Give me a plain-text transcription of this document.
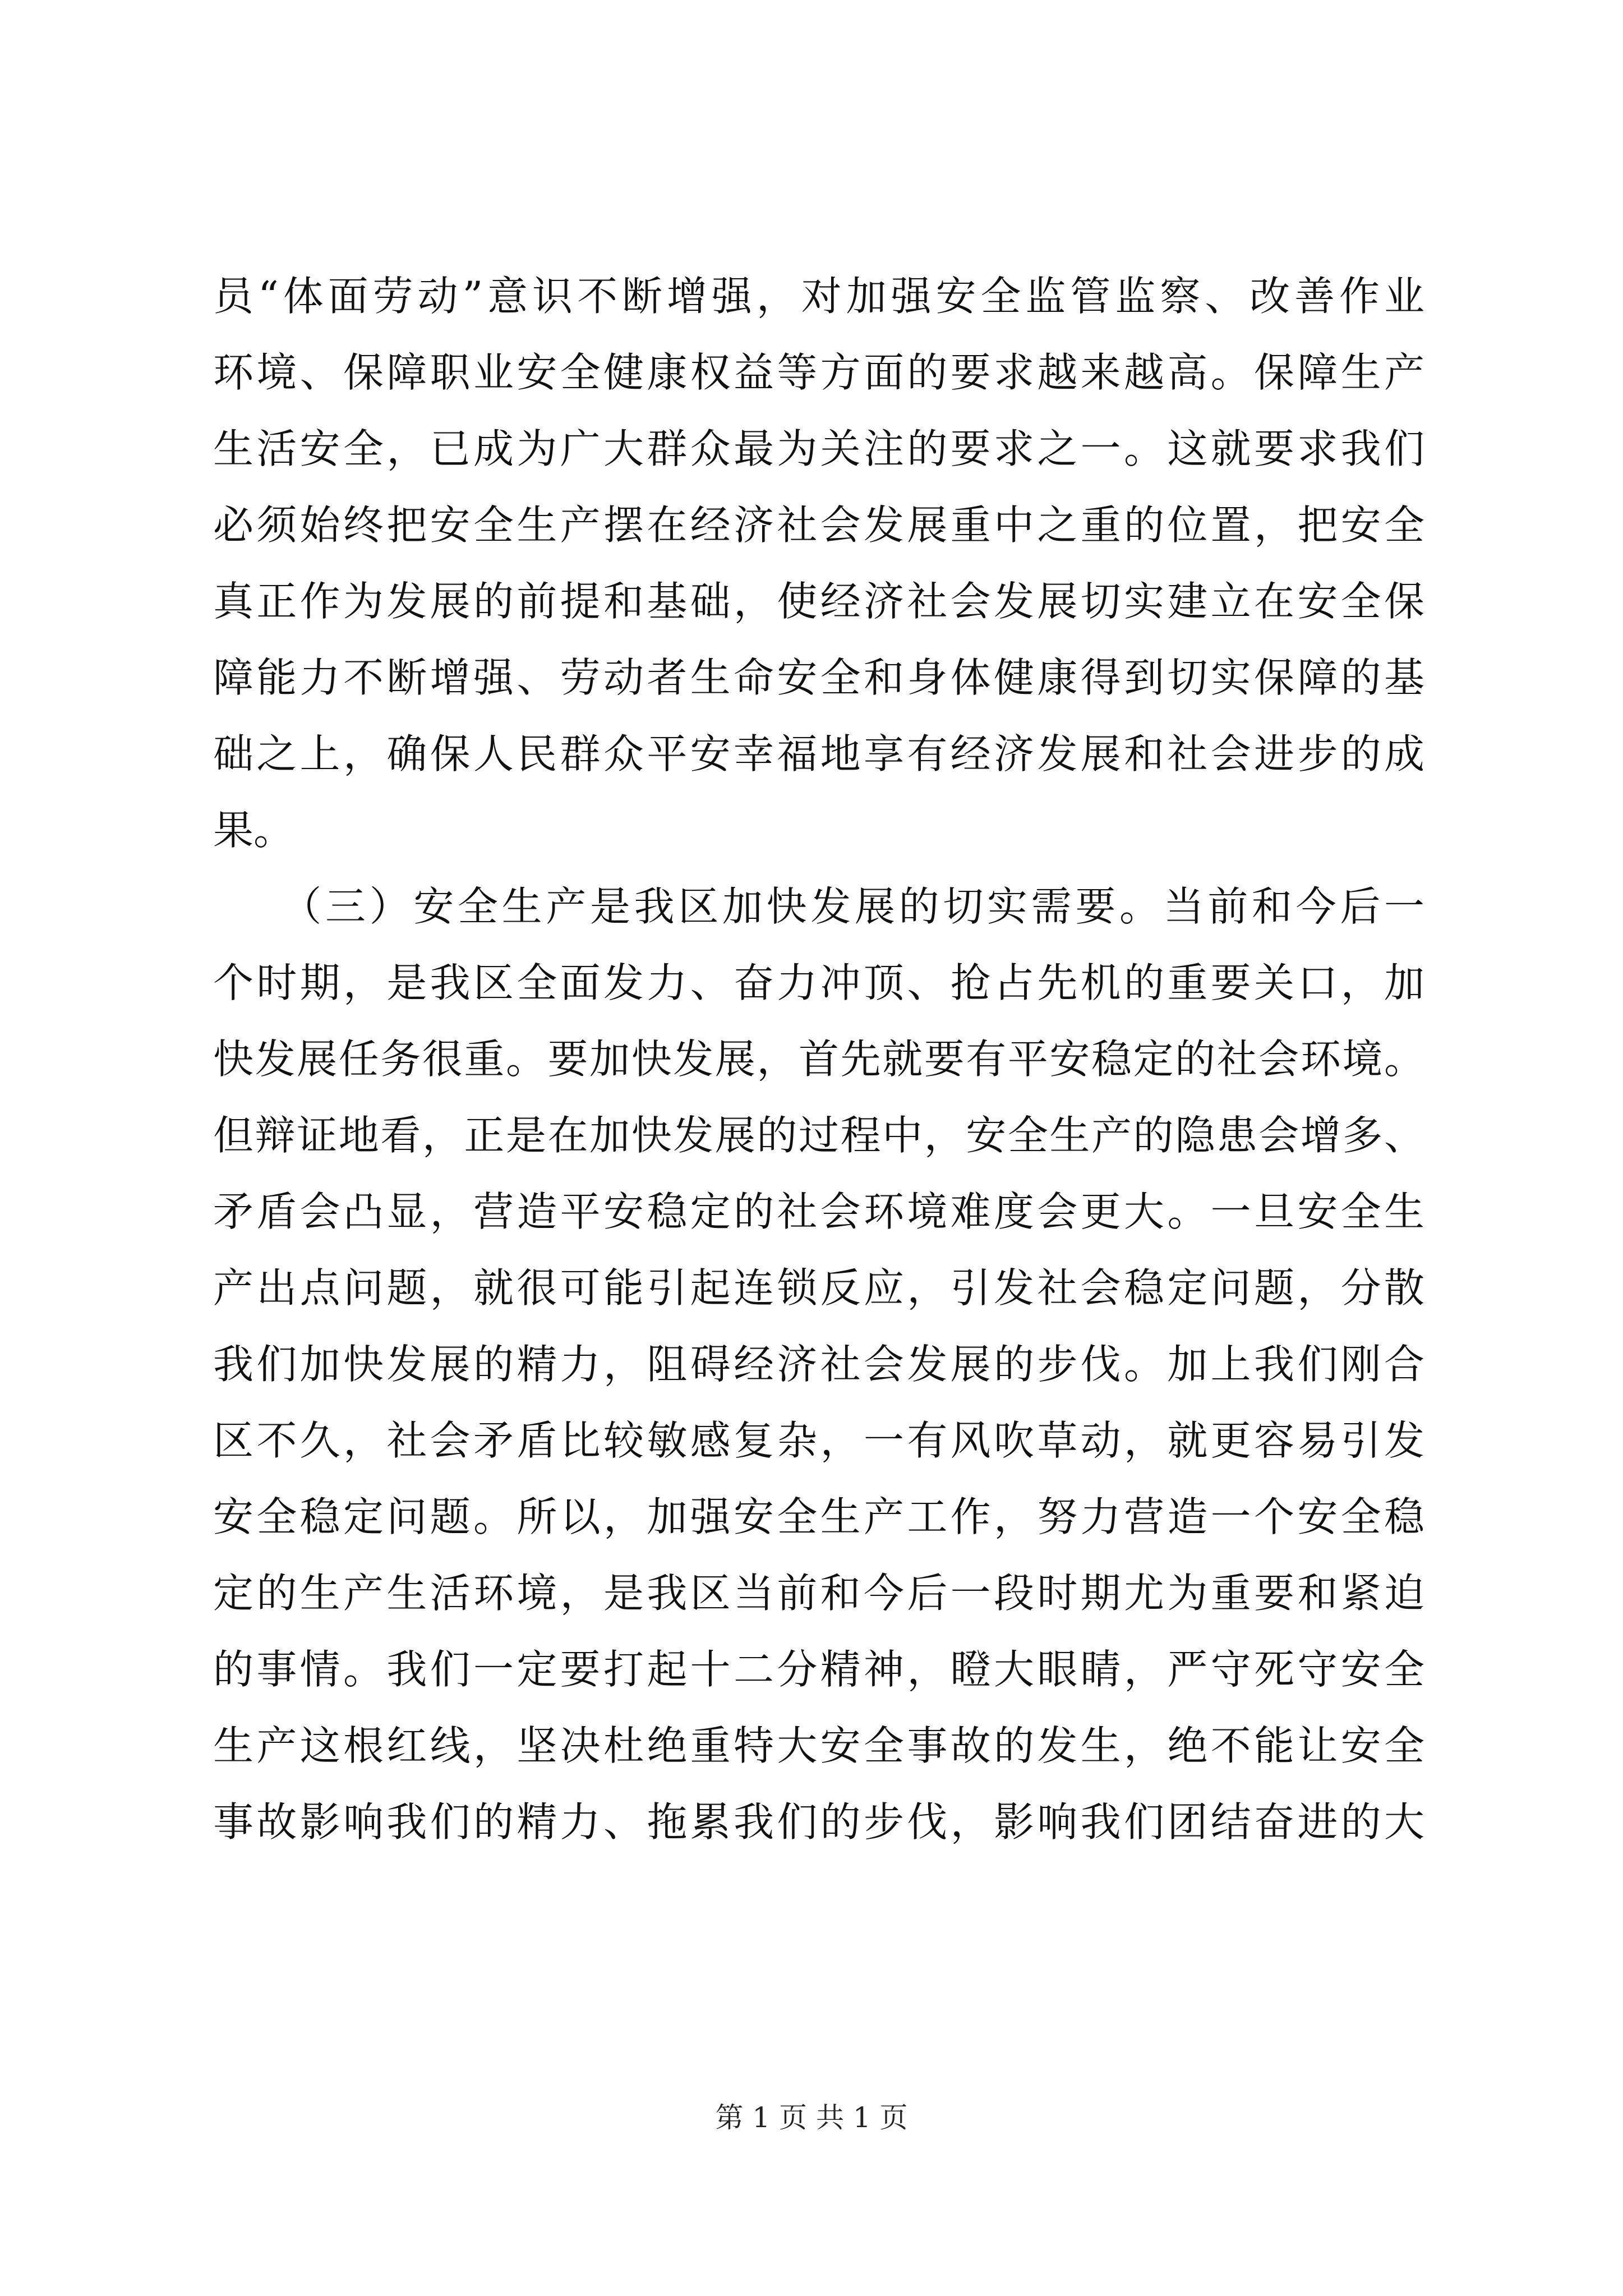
员“体面劳动”意识不断增强，对加强安全监管监察、改善作业
环境、保障职业安全健康权益等方面的要求越来越高。保障生产
生活安全，已成为广大群众最为关注的要求之一。这就要求我们
必须始终把安全生产摆在经济社会发展重中之重的位置，把安全
真正作为发展的前提和基础，使经济社会发展切实建立在安全保
障能力不断增强、劳动者生命安全和身体健康得到切实保障的基
础之上，确保人民群众平安幸福地享有经济发展和社会进步的成
果。
　　（三）安全生产是我区加快发展的切实需要。当前和今后一
个时期，是我区全面发力、奋力冲顶、抢占先机的重要关口，加
快发展任务很重。要加快发展，首先就要有平安稳定的社会环境。
但辩证地看，正是在加快发展的过程中，安全生产的隐患会增多、
矛盾会凸显，营造平安稳定的社会环境难度会更大。一旦安全生
产出点问题，就很可能引起连锁反应，引发社会稳定问题，分散
我们加快发展的精力，阻碍经济社会发展的步伐。加上我们刚合
区不久，社会矛盾比较敏感复杂，一有风吹草动，就更容易引发
安全稳定问题。所以，加强安全生产工作，努力营造一个安全稳
定的生产生活环境，是我区当前和今后一段时期尤为重要和紧迫
的事情。我们一定要打起十二分精神，瞪大眼睛，严守死守安全
生产这根红线，坚决杜绝重特大安全事故的发生，绝不能让安全
事故影响我们的精力、拖累我们的步伐，影响我们团结奋进的大
第 1 页 共 1 页
